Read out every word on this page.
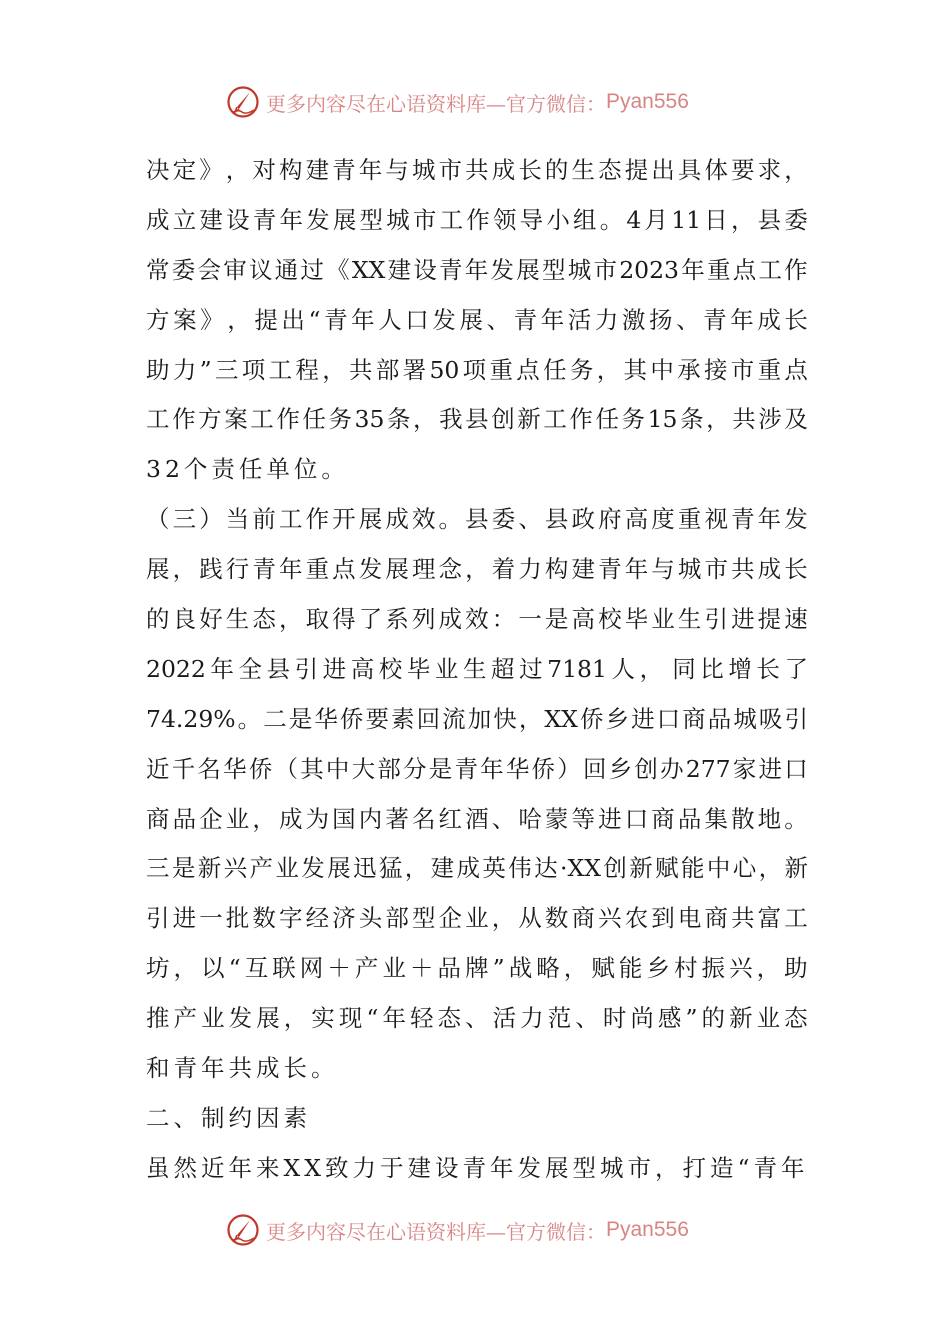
更多内容尽在心语资料库—官方微信： Pyan556
决 定 》 ， 对 构 建 青 年 与 城 市 共 成 长 的 生 态 提 出 具 体 要 求 ，
成 立 建 设 青 年 发 展 型 城 市 工 作 领 导 小 组 。 4 月 11 日 ， 县 委
常 委 会 审 议 通 过 《 XX 建 设 青 年 发 展 型 城 市 2023 年 重 点 工 作
方 案 》 ， 提 出 “ 青 年 人 口 发 展 、 青 年 活 力 激 扬 、 青 年 成 长
助 力 ” 三 项 工 程 ， 共 部 署 50 项 重 点 任 务 ， 其 中 承 接 市 重 点
工 作 方 案 工 作 任 务 35 条 ， 我 县 创 新 工 作 任 务 15 条 ， 共 涉 及
32个责任单位。
（ 三 ） 当 前 工 作 开 展 成 效 。 县 委 、 县 政 府 高 度 重 视 青 年 发
展 ， 践 行 青 年 重 点 发 展 理 念 ， 着 力 构 建 青 年 与 城 市 共 成 长
的 良 好 生 态 ， 取 得 了 系 列 成 效 ： 一 是 高 校 毕 业 生 引 进 提 速
2022 年 全 县 引 进 高 校 毕 业 生 超 过 7181 人 ， 同 比 增 长 了
74.29% 。 二 是 华 侨 要 素 回 流 加 快 ， XX 侨 乡 进 口 商 品 城 吸 引
近 千 名 华 侨 （ 其 中 大 部 分 是 青 年 华 侨 ） 回 乡 创 办 277 家 进 口
商 品 企 业 ， 成 为 国 内 著 名 红 酒 、 哈 蒙 等 进 口 商 品 集 散 地 。
三 是 新 兴 产 业 发 展 迅 猛 ， 建 成 英 伟 达 ·XX 创 新 赋 能 中 心 ， 新
引 进 一 批 数 字 经 济 头 部 型 企 业 ， 从 数 商 兴 农 到 电 商 共 富 工
坊 ， 以 “ 互 联 网 ＋ 产 业 ＋ 品 牌 ” 战 略 ， 赋 能 乡 村 振 兴 ， 助
推 产 业 发 展 ， 实 现 “ 年 轻 态 、 活 力 范 、 时 尚 感 ” 的 新 业 态
和青年共成长。
二、制约因素
虽然近年来XX致力于建设青年发展型城市，打造“青年
更多内容尽在心语资料库—官方微信： Pyan556
